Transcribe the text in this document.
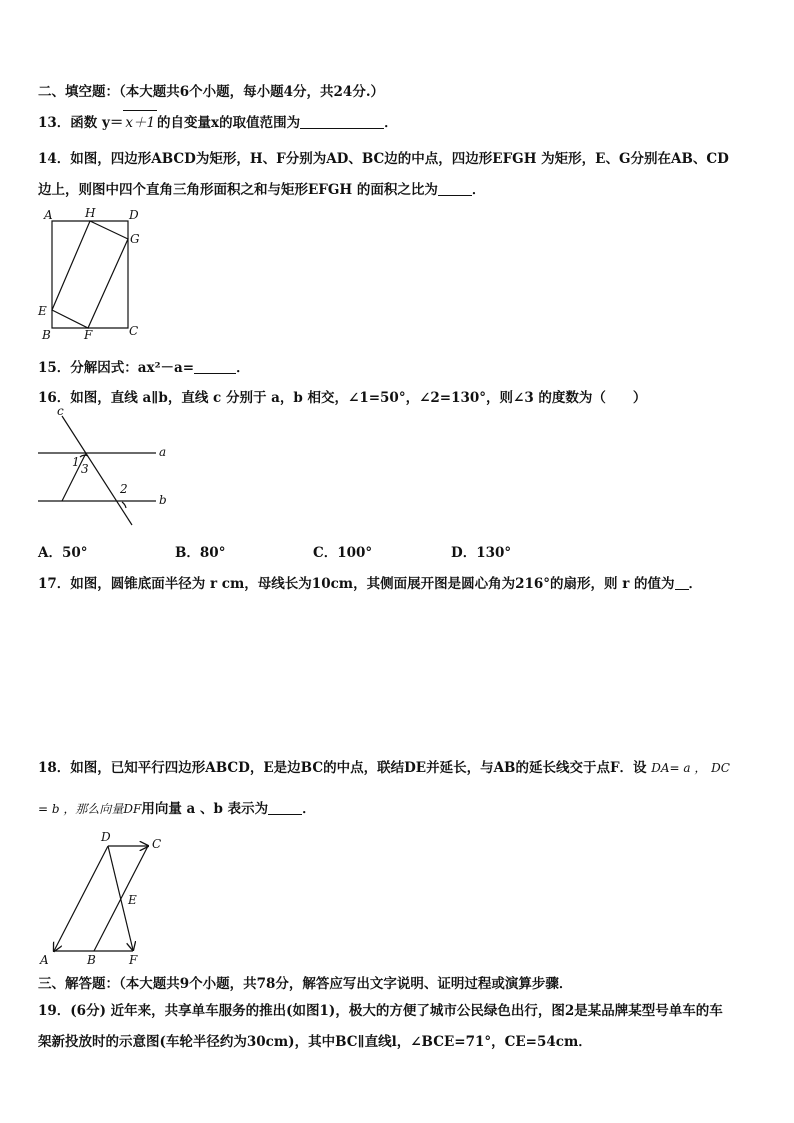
二、填空题：（本大题共6个小题，每小题4分，共24分.）
13．函数 y＝ x＋1 的自变量x的取值范围为	．
14．如图，四边形ABCD为矩形，H、F分别为AD、BC边的中点，四边形EFGH 为矩形，E、G分别在AB、CD
边上，则图中四个直角三角形面积之和与矩形EFGH 的面积之比为	．
A	H	D
G
E
B	F	C
15．分解因式：ax²－a=	．
16．如图，直线 a∥b，直线 c 分别于 a，b 相交，∠1=50°，∠2=130°，则∠3 的度数为（　　）
c
a
b
1 3
2
A．50°	B．80°	C．100°	D．130°
17．如图，圆锥底面半径为 r cm，母线长为10cm，其侧面展开图是圆心角为216°的扇形，则 r 的值为 ．
18．如图，已知平行四边形ABCD，E是边BC的中点，联结DE并延长，与AB的延长线交于点F．设 DA= a ， DC
= b ，那么向量DF用向量 a 、b 表示为	．
D	C
E
A	B	F
三、解答题：（本大题共9个小题，共78分，解答应写出文字说明、证明过程或演算步骤．
19．(6分) 近年来，共享单车服务的推出(如图1)，极大的方便了城市公民绿色出行，图2是某品牌某型号单车的车
架新投放时的示意图(车轮半径约为30cm)，其中BC∥直线l，∠BCE=71°，CE=54cm．
